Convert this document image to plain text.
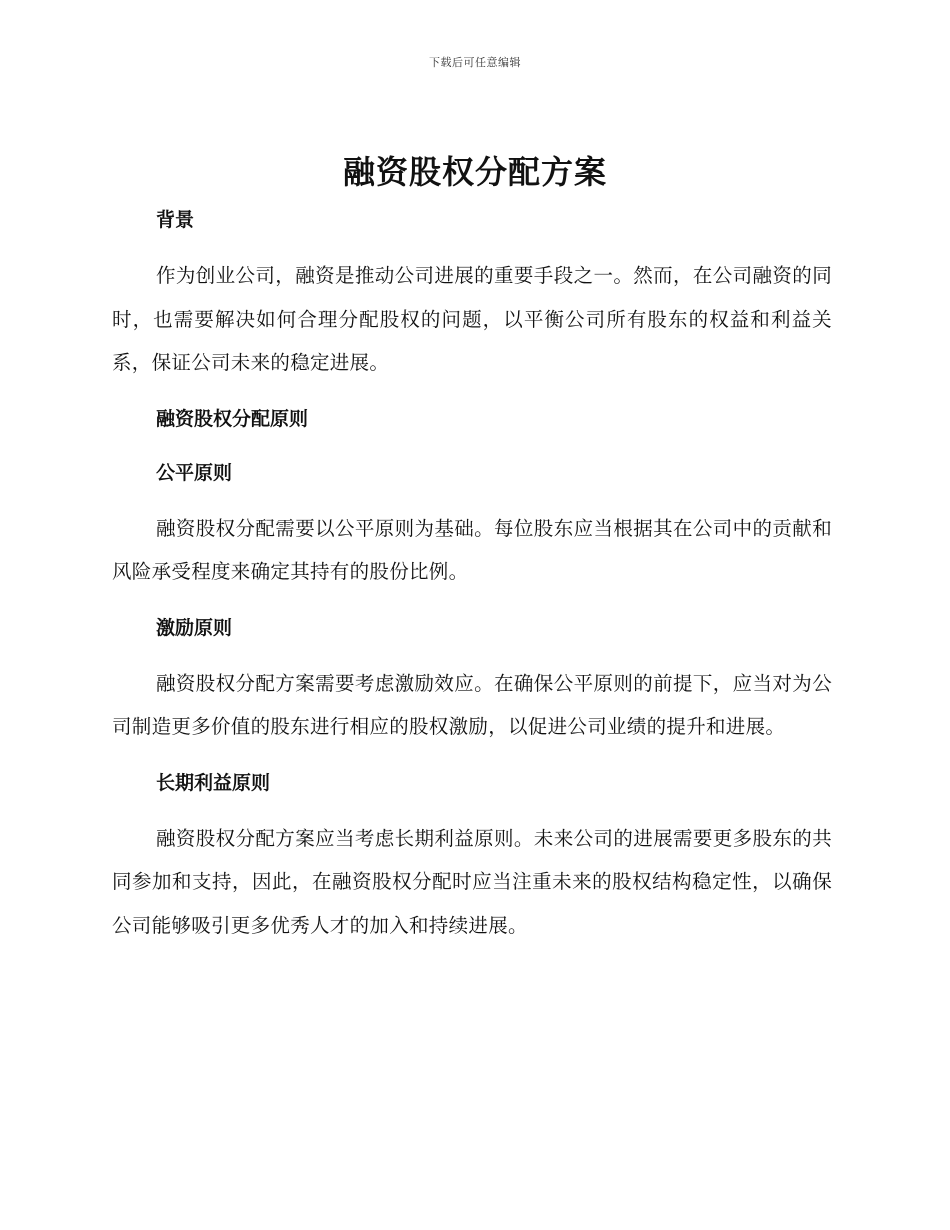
下载后可任意编辑
融资股权分配方案
背景

作为创业公司，融资是推动公司进展的重要手段之一。然而，在公司融资的同时，也需要解决如何合理分配股权的问题，以平衡公司所有股东的权益和利益关系，保证公司未来的稳定进展。

融资股权分配原则
公平原则

融资股权分配需要以公平原则为基础。每位股东应当根据其在公司中的贡献和风险承受程度来确定其持有的股份比例。

激励原则

融资股权分配方案需要考虑激励效应。在确保公平原则的前提下，应当对为公司制造更多价值的股东进行相应的股权激励，以促进公司业绩的提升和进展。

长期利益原则

融资股权分配方案应当考虑长期利益原则。未来公司的进展需要更多股东的共同参加和支持，因此，在融资股权分配时应当注重未来的股权结构稳定性，以确保公司能够吸引更多优秀人才的加入和持续进展。
